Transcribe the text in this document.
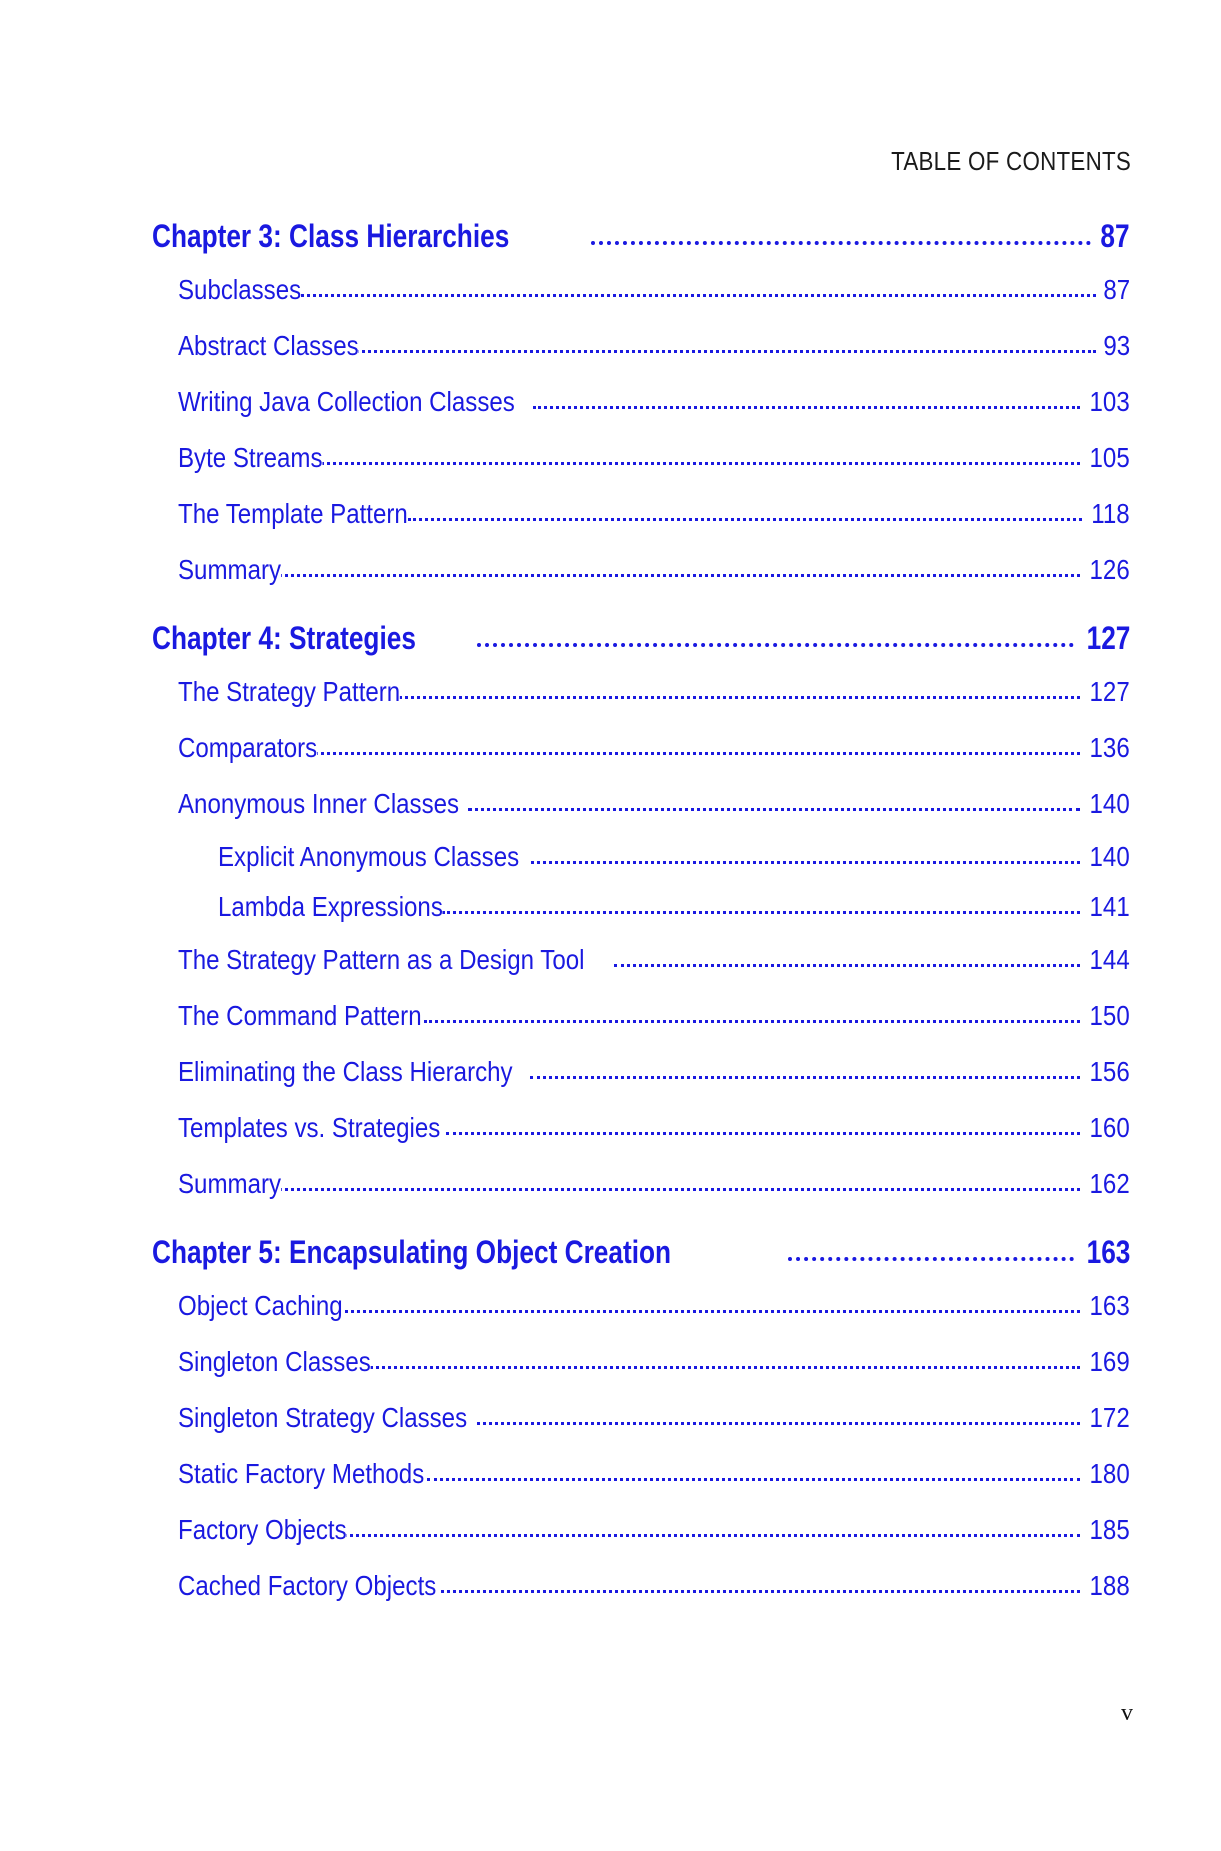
TABLE OF CONTENTS
Chapter 3: Class Hierarchies	87
Subclasses	87
Abstract Classes	93
Writing Java Collection Classes	103
Byte Streams	105
The Template Pattern	118
Summary	126
Chapter 4: Strategies	127
The Strategy Pattern	127
Comparators	136
Anonymous Inner Classes	140
Explicit Anonymous Classes	140
Lambda Expressions	141
The Strategy Pattern as a Design Tool	144
The Command Pattern	150
Eliminating the Class Hierarchy	156
Templates vs. Strategies	160
Summary	162
Chapter 5: Encapsulating Object Creation	163
Object Caching	163
Singleton Classes	169
Singleton Strategy Classes	172
Static Factory Methods	180
Factory Objects	185
Cached Factory Objects	188
v
